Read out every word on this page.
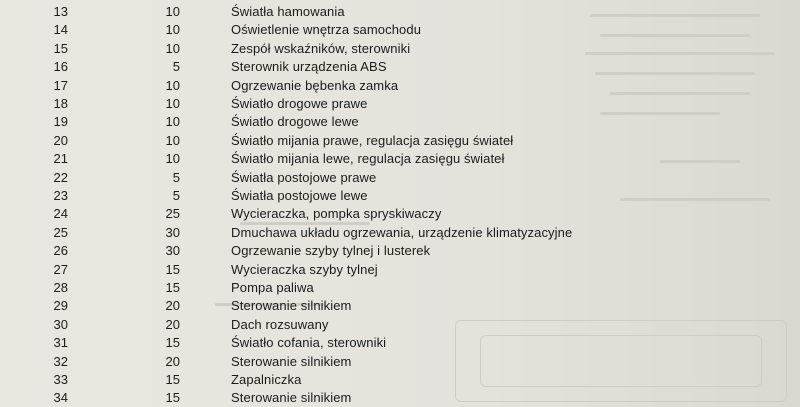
13	10	Światła hamowania
14	10	Oświetlenie wnętrza samochodu
15	10	Zespół wskaźników, sterowniki
16	5	Sterownik urządzenia ABS
17	10	Ogrzewanie bębenka zamka
18	10	Światło drogowe prawe
19	10	Światło drogowe lewe
20	10	Światło mijania prawe, regulacja zasięgu świateł
21	10	Światło mijania lewe, regulacja zasięgu świateł
22	5	Światła postojowe prawe
23	5	Światła postojowe lewe
24	25	Wycieraczka, pompka spryskiwaczy
25	30	Dmuchawa układu ogrzewania, urządzenie klimatyzacyjne
26	30	Ogrzewanie szyby tylnej i lusterek
27	15	Wycieraczka szyby tylnej
28	15	Pompa paliwa
29	20	Sterowanie silnikiem
30	20	Dach rozsuwany
31	15	Światło cofania, sterowniki
32	20	Sterowanie silnikiem
33	15	Zapalniczka
34	15	Sterowanie silnikiem
